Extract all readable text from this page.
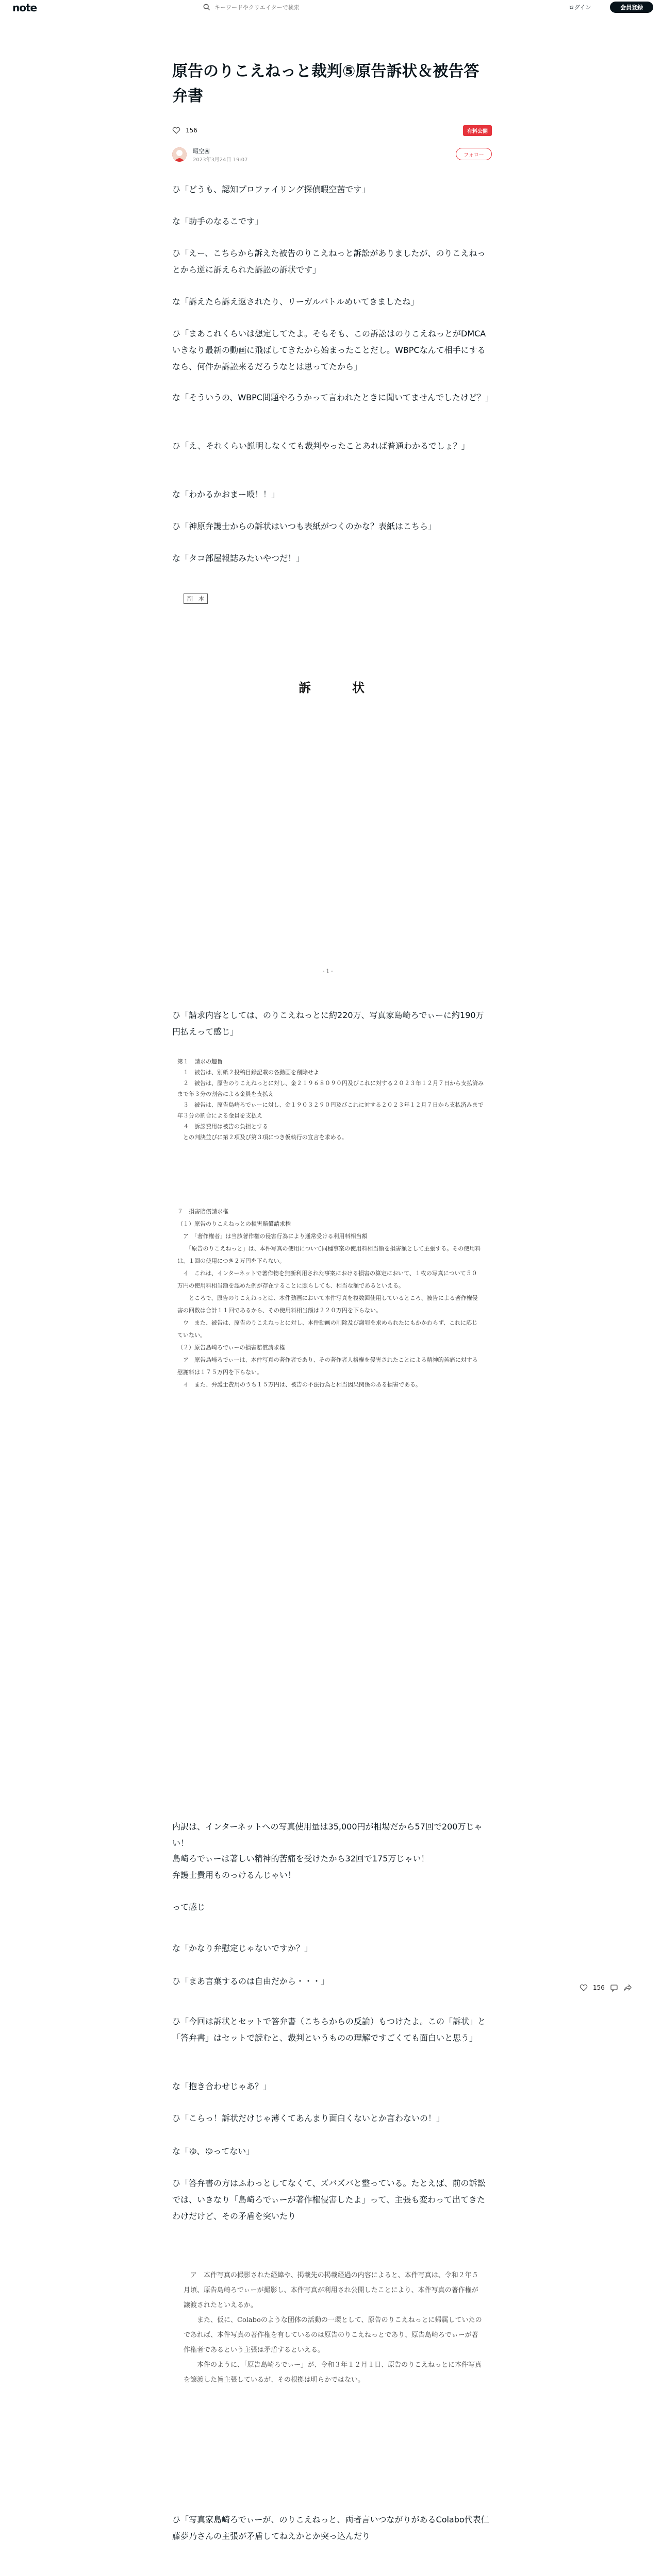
note
キーワードやクリエイターで検索	ログイン	会員登録
原告のりこえねっと裁判⑤原告訴状＆被告答弁書
156	有料公開
暇空茜
2023年3月24日 19:07
フォロー
ひ「どうも、認知プロファイリング探偵暇空茜です」
な「助手のなるこです」
ひ「えー、こちらから訴えた被告のりこえねっと訴訟がありましたが、のりこえねっとから逆に訴えられた訴訟の訴状です」
な「訴えたら訴え返されたり、リーガルバトルめいてきましたね」
ひ「まあこれくらいは想定してたよ。そもそも、この訴訟はのりこえねっとがDMCAいきなり最新の動画に飛ばしてきたから始まったことだし。WBPCなんて相手にするなら、何件か訴訟来るだろうなとは思ってたから」
な「そういうの、WBPC問題やろうかって言われたときに聞いてませんでしたけど？」
ひ「え、それくらい説明しなくても裁判やったことあれば普通わかるでしょ？」
な「わかるかおまー殴！！」
ひ「神原弁護士からの訴状はいつも表紙がつくのかな？表紙はこちら」
な「タコ部屋報誌みたいやつだ！」
副　本
訴　状
- 1 -
ひ「請求内容としては、のりこえねっとに約220万、写真家島崎ろでぃーに約190万円払えって感じ」
第１　請求の趣旨
　１　被告は、別紙２投稿目録記載の各動画を削除せよ
　２　被告は、原告のりこえねっとに対し、金２１９６８０９０円及びこれに対する２０２３年１２月７日から支払済みまで年３分の割合による金員を支払え
　３　被告は、原告島崎ろでぃーに対し、金１９０３２９０円及びこれに対する２０２３年１２月７日から支払済みまで年３分の割合による金員を支払え
　４　訴訟費用は被告の負担とする
　との判決並びに第２項及び第３項につき仮執行の宣言を求める。
７　損害賠償請求権
（１）原告のりこえねっとの損害賠償請求権
　ア　「著作権者」は当該著作権の侵害行為により通常受ける利用料相当額
　　「原告のりこえねっと」は、本件写真の使用について同種事案の使用料相当額を損害額として主張する。その使用料は、１回の使用につき２万円を下らない。
　イ　これは、インターネットで著作物を無断利用された事案における損害の算定において、１枚の写真について５０万円の使用料相当額を認めた例が存在することに照らしても、相当な額であるといえる。
　　ところで、原告のりこえねっとは、本件動画において本件写真を複数回使用しているところ、被告による著作権侵害の回数は合計１１回であるから、その使用料相当額は２２０万円を下らない。
　ウ　また、被告は、原告のりこえねっとに対し、本件動画の削除及び謝罪を求められたにもかかわらず、これに応じていない。
（２）原告島崎ろでぃーの損害賠償請求権
　ア　原告島崎ろでぃーは、本件写真の著作者であり、その著作者人格権を侵害されたことによる精神的苦痛に対する慰謝料は１７５万円を下らない。
　イ　また、弁護士費用のうち１５万円は、被告の不法行為と相当因果関係のある損害である。
内訳は、インターネットへの写真使用量は35,000円が相場だから57回で200万じゃい！
島崎ろでぃーは著しい精神的苦痛を受けたから32回で175万じゃい！
弁護士費用ものっけるんじゃい！
って感じ
な「かなり弁慰定じゃないですか？」
ひ「まあ言葉するのは自由だから・・・」
ひ「今回は訴状とセットで答弁書（こちらからの反論）もつけたよ。この「訴状」と「答弁書」はセットで読むと、裁判というものの理解ですごくても面白いと思う」
な「抱き合わせじゃあ？」
ひ「こらっ！訴状だけじゃ薄くてあんまり面白くないとか言わないの！」
な「ゆ、ゆってない」
ひ「答弁書の方はふわっとしてなくて、ズバズバと整っている。たとえば、前の訴訟では、いきなり「島崎ろでぃーが著作権侵害したよ」って、主張も変わって出てきたわけだけど、その矛盾を突いたり
156
　ア　本件写真の撮影された経緯や、掲載先の掲載経過の内容によると、本件写真は、令和２年５月頃、原告島崎ろでぃーが撮影し、本件写真が利用され公開したことにより、本件写真の著作権が譲渡されたといえるか。
　　また、仮に、Colaboのような団体の活動の一環として、原告のりこえねっとに帰属していたのであれば、本件写真の著作権を有しているのは原告のりこえねっとであり、原告島崎ろでぃーが著作権者であるという主張は矛盾するといえる。
　　本件のように、「原告島崎ろでぃー」が、令和３年１２月１日、原告のりこえねっとに本件写真を譲渡した旨主張しているが、その根拠は明らかではない。
ひ「写真家島崎ろでぃーが、のりこえねっと、両者言いつながりがあるColabo代表仁藤夢乃さんの主張が矛盾してねえかとか突っ込んだり
